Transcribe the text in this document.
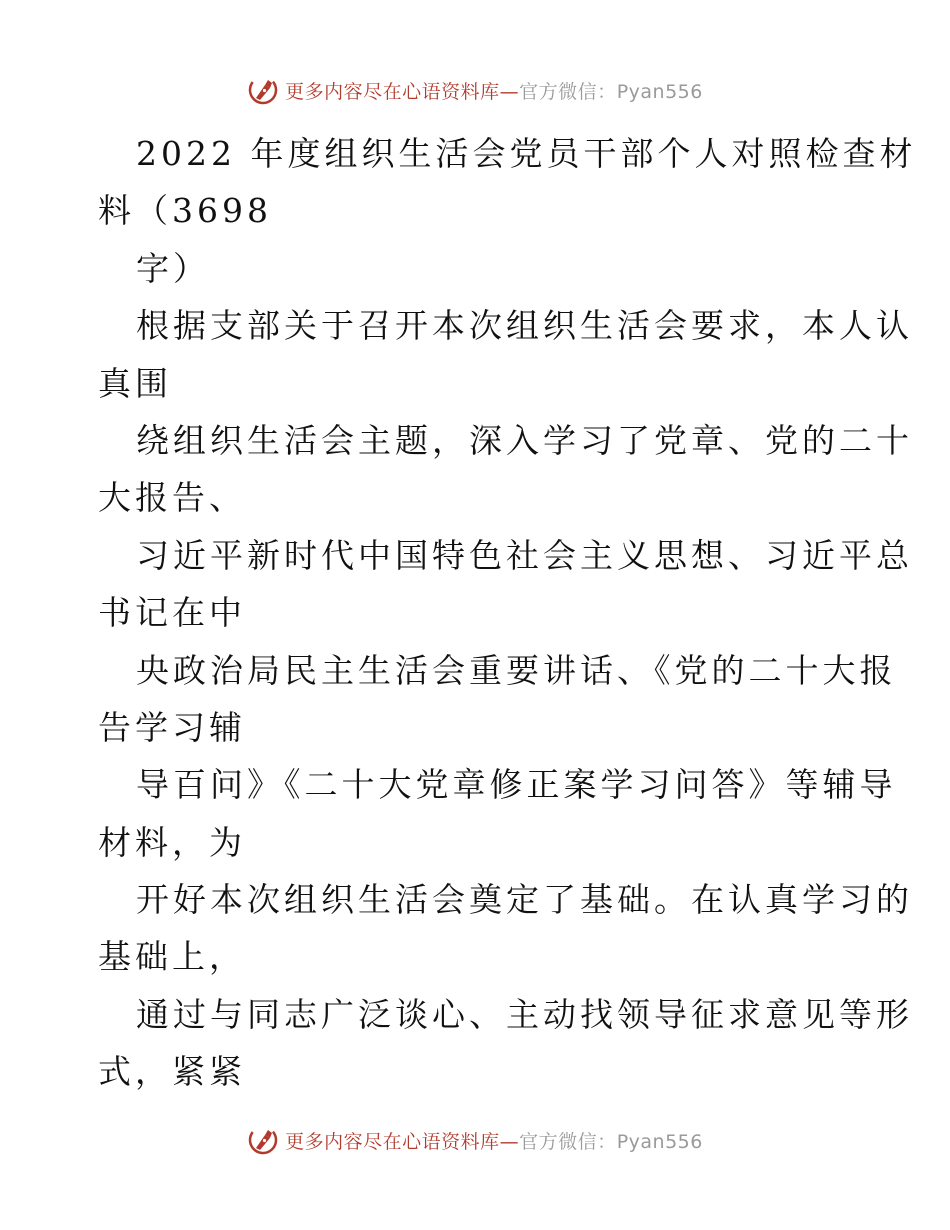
更多内容尽在心语资料库—官方微信：Pyan556
2022 年度组织生活会党员干部个人对照检查材
料（3698
字）
根据支部关于召开本次组织生活会要求，本人认
真围
绕组织生活会主题，深入学习了党章、党的二十
大报告、
习近平新时代中国特色社会主义思想、习近平总
书记在中
央政治局民主生活会重要讲话、《党的二十大报
告学习辅
导百问》《二十大党章修正案学习问答》等辅导
材料，为
开好本次组织生活会奠定了基础。在认真学习的
基础上，
通过与同志广泛谈心、主动找领导征求意见等形
式，紧紧
更多内容尽在心语资料库—官方微信：Pyan556
